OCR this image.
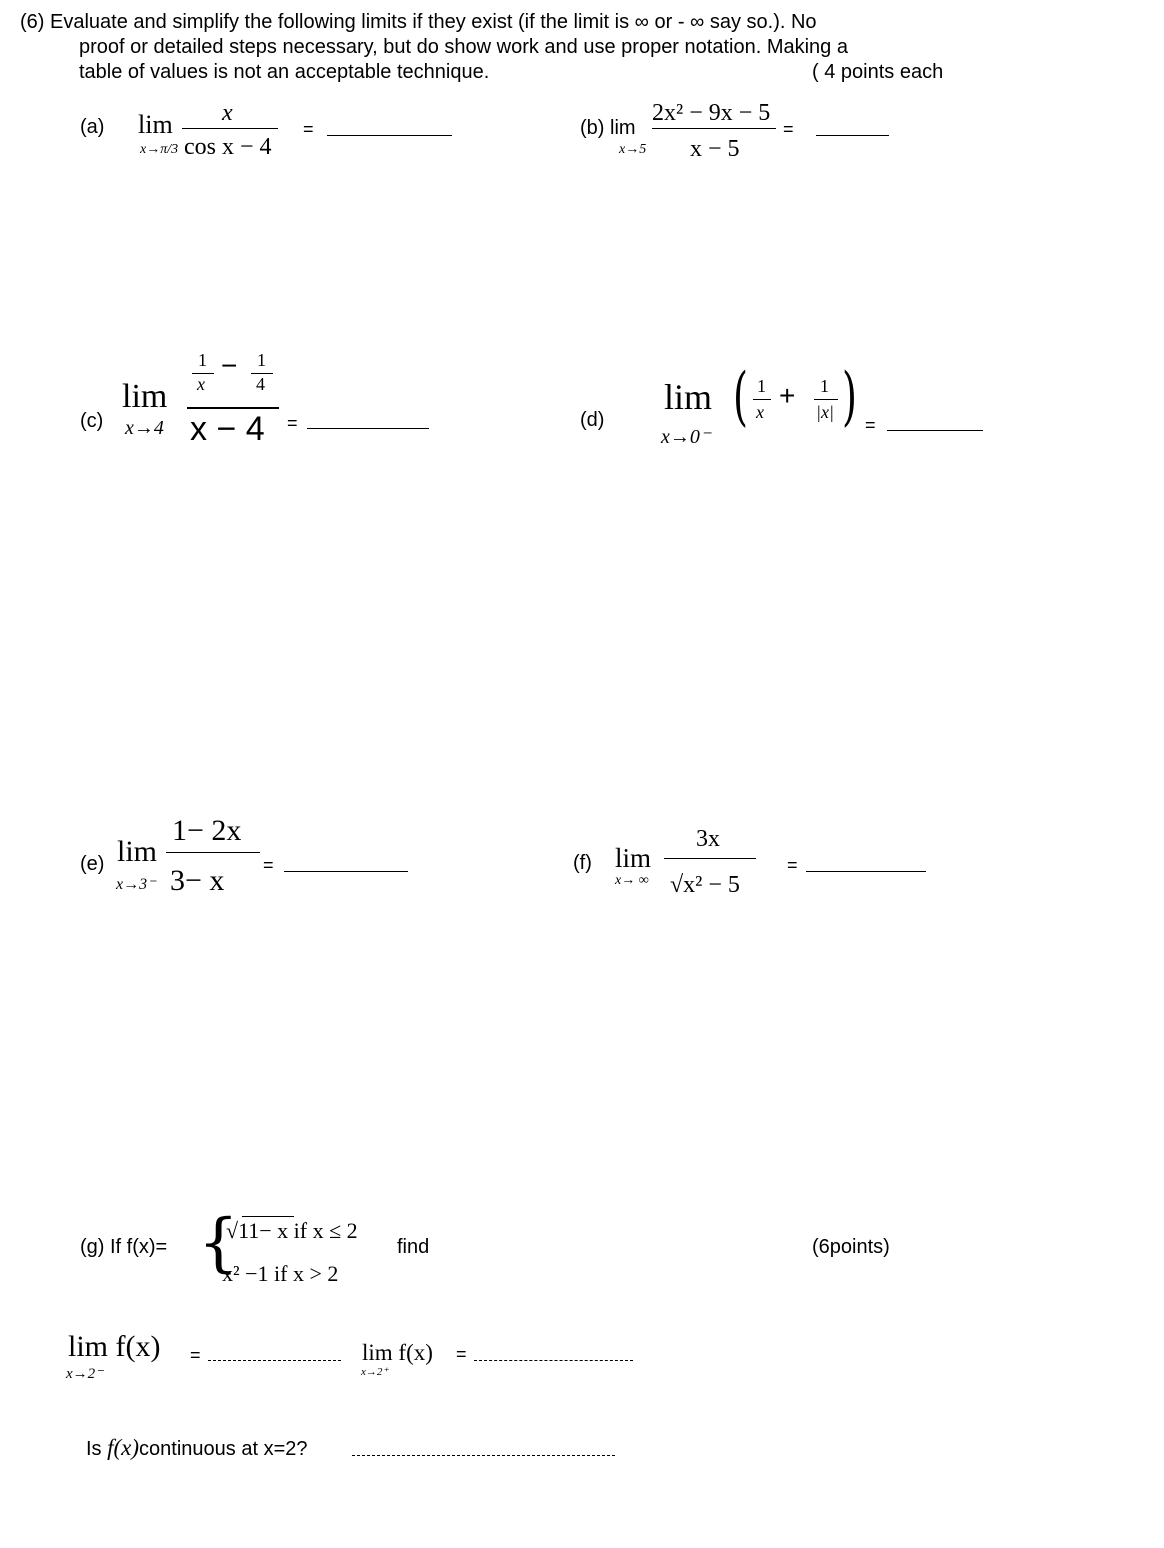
(6) Evaluate and simplify the following limits if they exist (if the limit is ∞ or - ∞ say so.). No
proof or detailed steps necessary, but do show work and use proper notation. Making a
table of values is not an acceptable technique.	( 4 points each
(a) lim
x→π/3
x
cos x − 4
=	(b) lim
x→5
2x² − 9x − 5
x − 5
=
(c)
lim
x→4
1
x
− 1
4
x − 4 =	(d)
lim
x→0⁻
( 1
x
+ 1
|x| ) =
(e) lim
x→3⁻
1− 2x
3− x =	(f) lim
x→ ∞
3x
√x² − 5
=
(g) If f(x)= {
√11− x if x ≤ 2
x² −1 if x > 2
find	(6points)
lim f(x)
x→2⁻
=	lim f(x)
x→2⁺
=
Is f(x)continuous at x=2?
